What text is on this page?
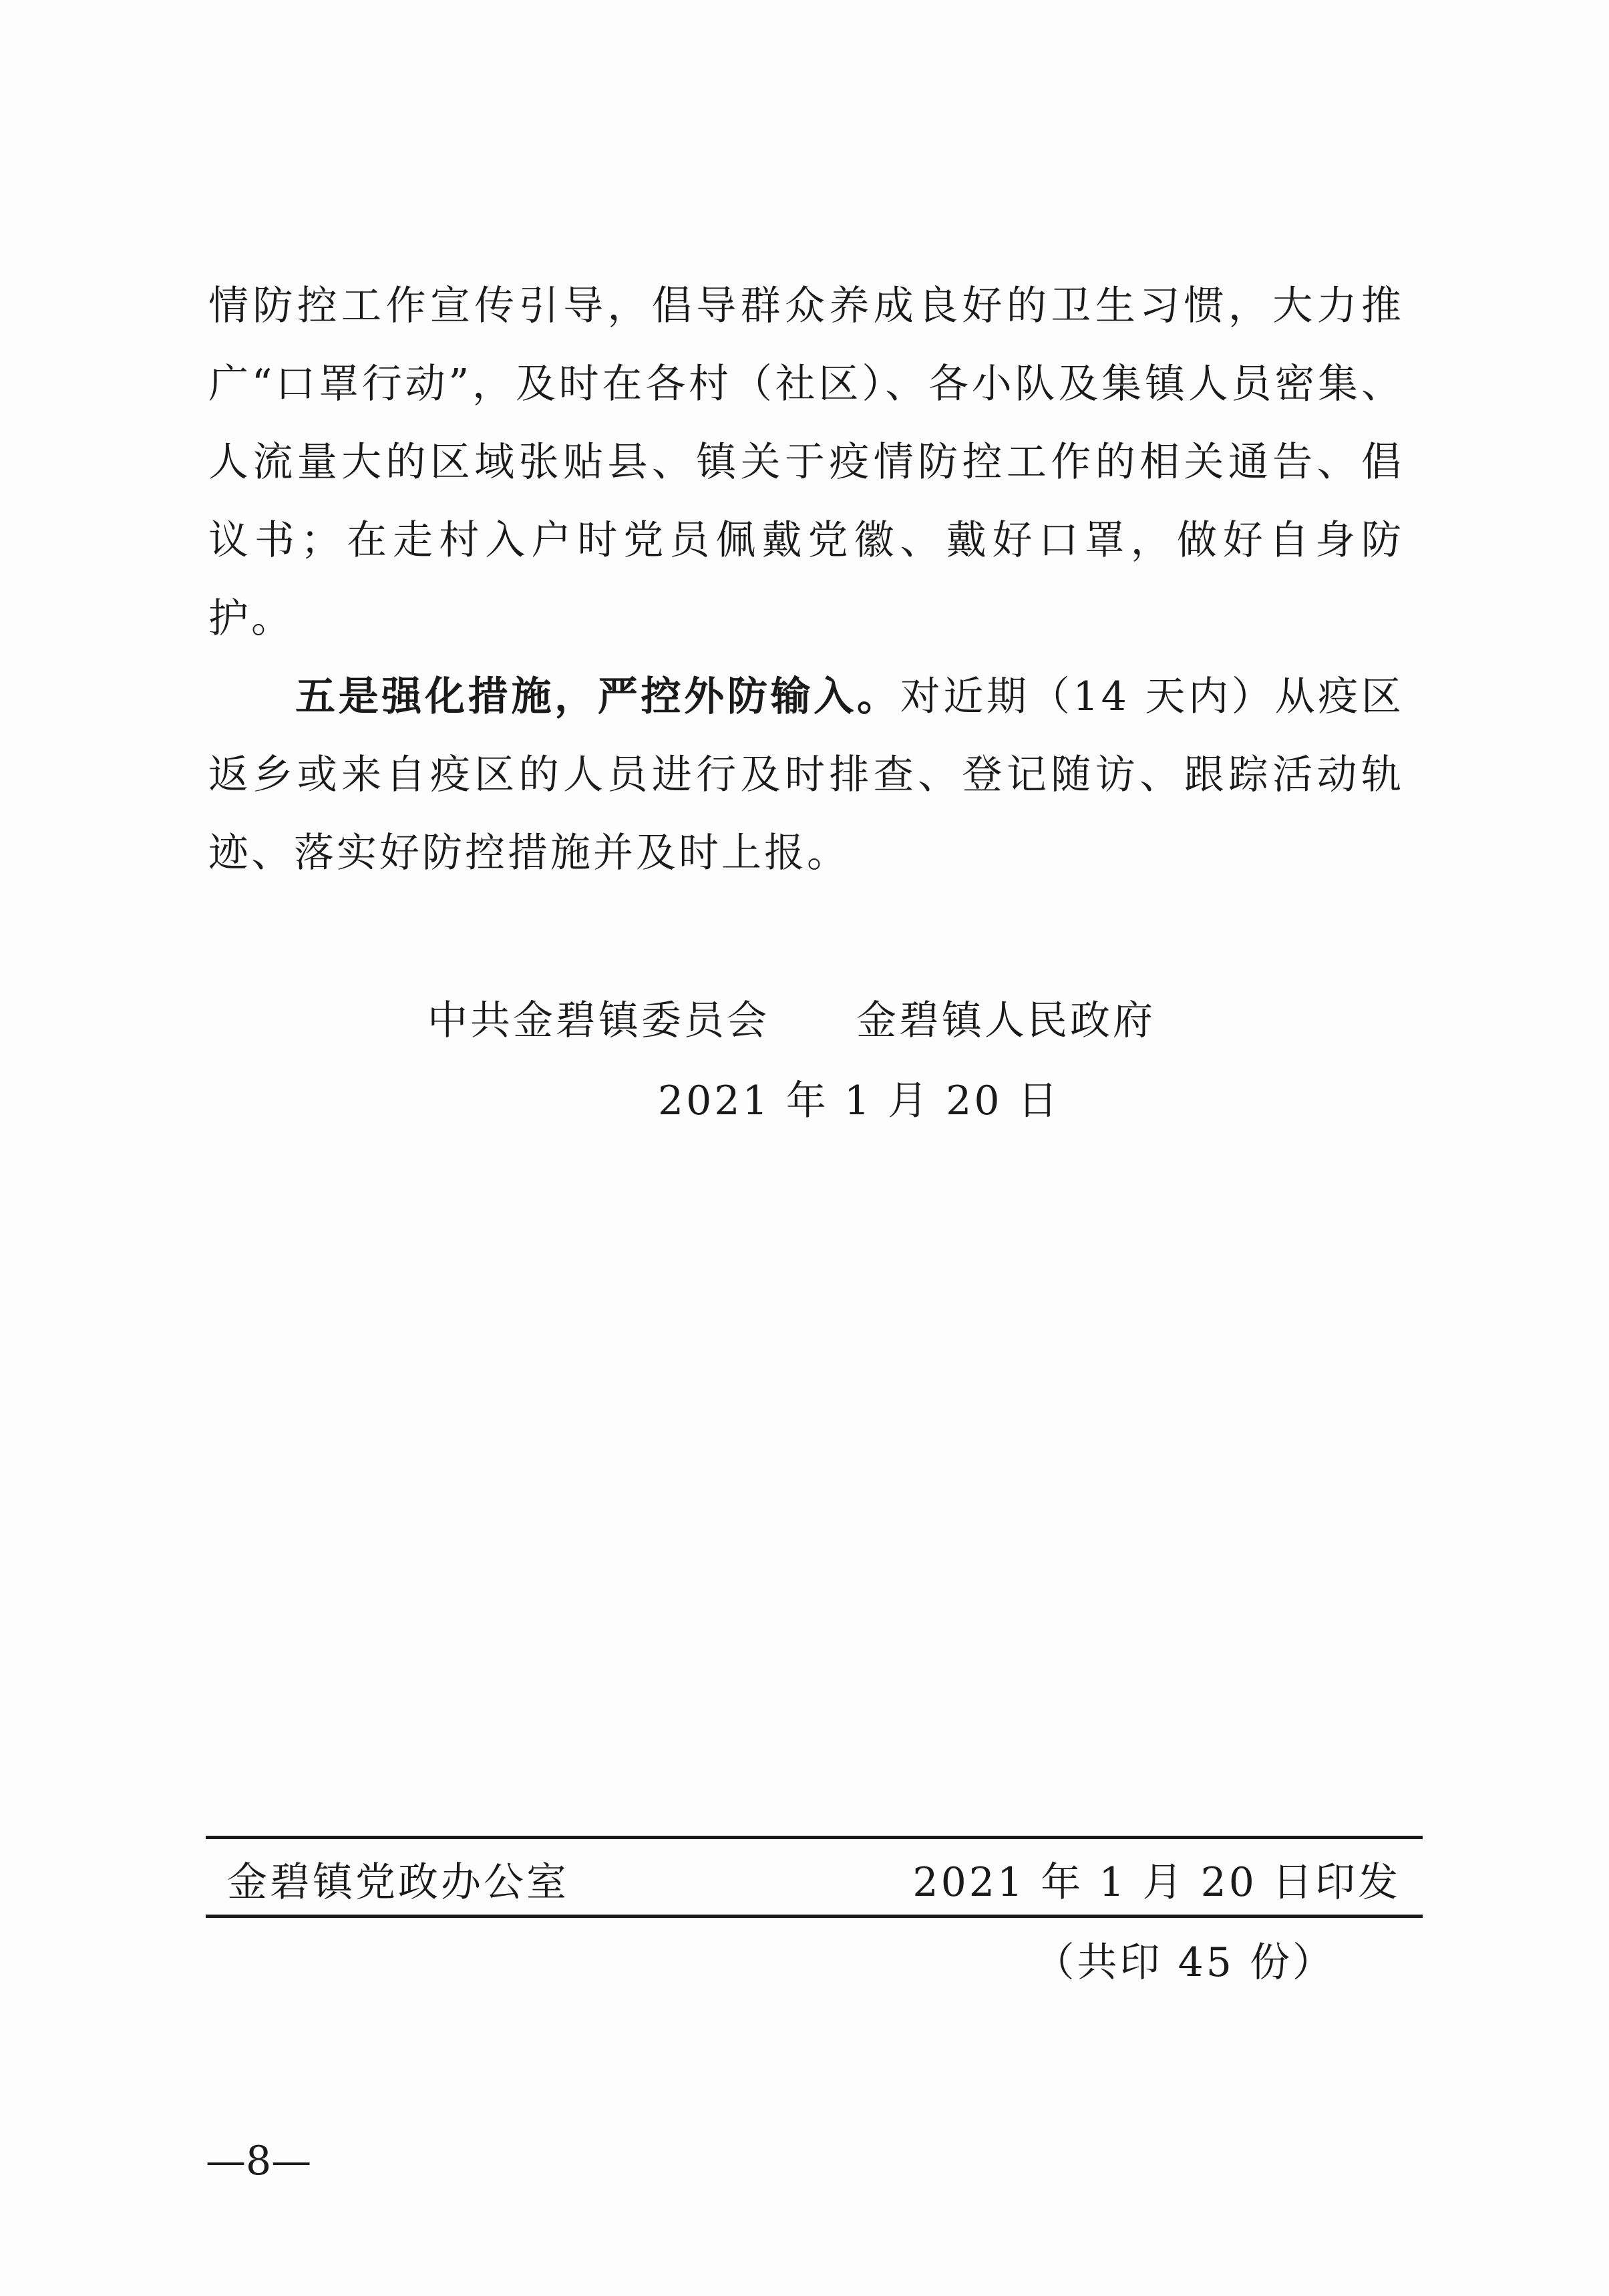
情防控工作宣传引导，倡导群众养成良好的卫生习惯，大力推广“口罩行动”，及时在各村（社区）、各小队及集镇人员密集、人流量大的区域张贴县、镇关于疫情防控工作的相关通告、倡议书；在走村入户时党员佩戴党徽、戴好口罩，做好自身防护。

五是强化措施，严控外防输入。对近期（14 天内）从疫区返乡或来自疫区的人员进行及时排查、登记随访、跟踪活动轨迹、落实好防控措施并及时上报。

中共金碧镇委员会 金碧镇人民政府
2021 年 1 月 20 日
金碧镇党政办公室	2021 年 1 月 20 日印发
（共印 45 份）
—8—
